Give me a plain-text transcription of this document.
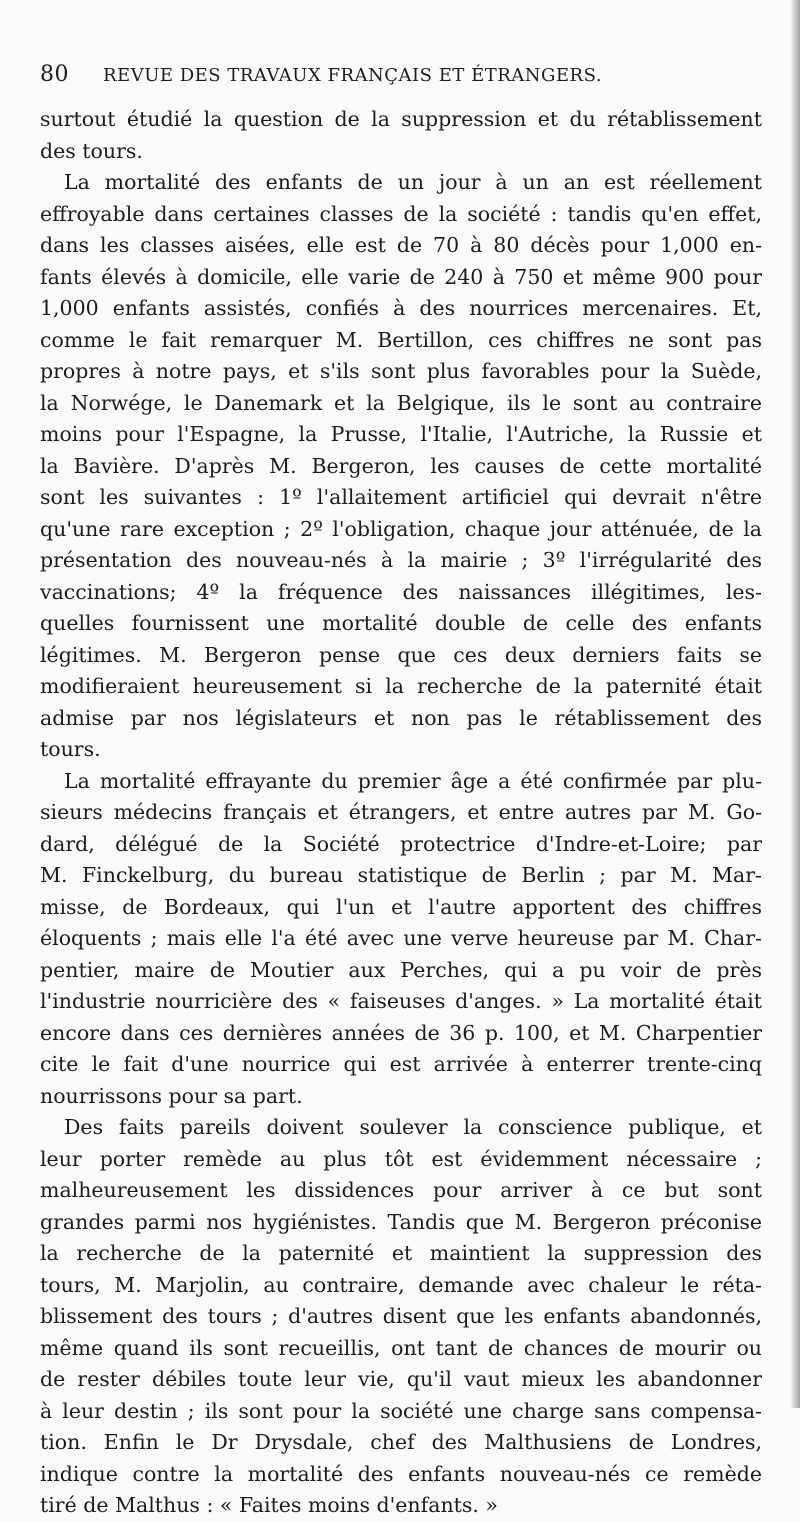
80 REVUE DES TRAVAUX FRANÇAIS ET ÉTRANGERS.
surtout étudié la question de la suppression et du rétablissement
des tours.
La mortalité des enfants de un jour à un an est réellement
effroyable dans certaines classes de la société : tandis qu'en effet,
dans les classes aisées, elle est de 70 à 80 décès pour 1,000 en-
fants élevés à domicile, elle varie de 240 à 750 et même 900 pour
1,000 enfants assistés, confiés à des nourrices mercenaires. Et,
comme le fait remarquer M. Bertillon, ces chiffres ne sont pas
propres à notre pays, et s'ils sont plus favorables pour la Suède,
la Norwége, le Danemark et la Belgique, ils le sont au contraire
moins pour l'Espagne, la Prusse, l'Italie, l'Autriche, la Russie et
la Bavière. D'après M. Bergeron, les causes de cette mortalité
sont les suivantes : 1º l'allaitement artificiel qui devrait n'être
qu'une rare exception ; 2º l'obligation, chaque jour atténuée, de la
présentation des nouveau-nés à la mairie ; 3º l'irrégularité des
vaccinations; 4º la fréquence des naissances illégitimes, les-
quelles fournissent une mortalité double de celle des enfants
légitimes. M. Bergeron pense que ces deux derniers faits se
modifieraient heureusement si la recherche de la paternité était
admise par nos législateurs et non pas le rétablissement des
tours.
La mortalité effrayante du premier âge a été confirmée par plu-
sieurs médecins français et étrangers, et entre autres par M. Go-
dard, délégué de la Société protectrice d'Indre-et-Loire; par
M. Finckelburg, du bureau statistique de Berlin ; par M. Mar-
misse, de Bordeaux, qui l'un et l'autre apportent des chiffres
éloquents ; mais elle l'a été avec une verve heureuse par M. Char-
pentier, maire de Moutier aux Perches, qui a pu voir de près
l'industrie nourricière des « faiseuses d'anges. » La mortalité était
encore dans ces dernières années de 36 p. 100, et M. Charpentier
cite le fait d'une nourrice qui est arrivée à enterrer trente-cinq
nourrissons pour sa part.
Des faits pareils doivent soulever la conscience publique, et
leur porter remède au plus tôt est évidemment nécessaire ;
malheureusement les dissidences pour arriver à ce but sont
grandes parmi nos hygiénistes. Tandis que M. Bergeron préconise
la recherche de la paternité et maintient la suppression des
tours, M. Marjolin, au contraire, demande avec chaleur le réta-
blissement des tours ; d'autres disent que les enfants abandonnés,
même quand ils sont recueillis, ont tant de chances de mourir ou
de rester débiles toute leur vie, qu'il vaut mieux les abandonner
à leur destin ; ils sont pour la société une charge sans compensa-
tion. Enfin le Dr Drysdale, chef des Malthusiens de Londres,
indique contre la mortalité des enfants nouveau-nés ce remède
tiré de Malthus : « Faites moins d'enfants. »
